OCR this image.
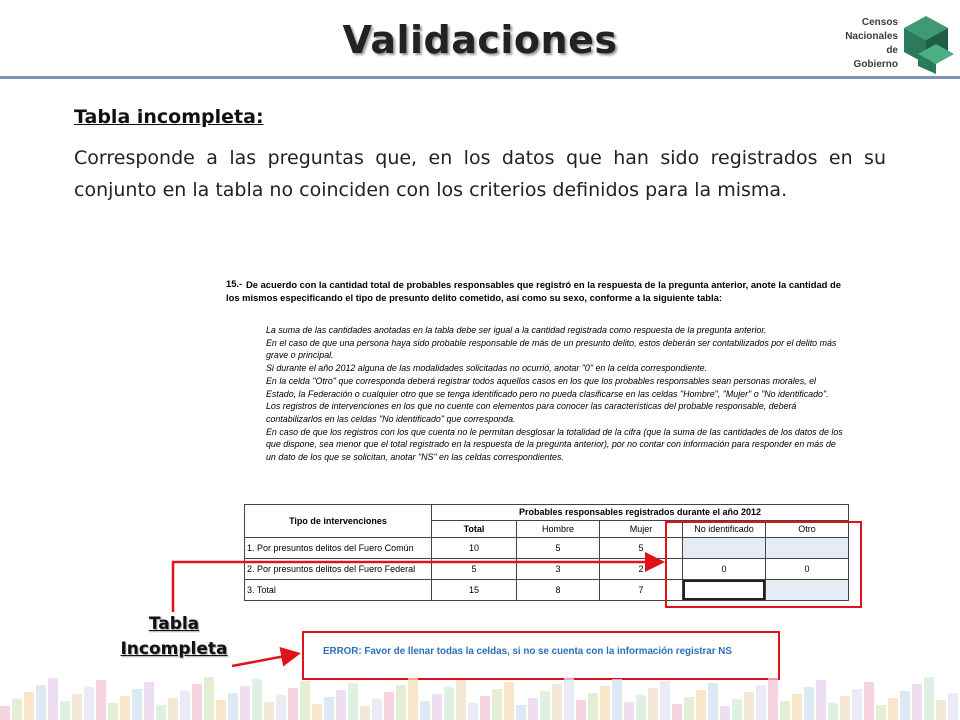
Validaciones	Censos
Nacionales
de Gobierno
Tabla incompleta:
Corresponde a las preguntas que, en los datos que han sido registrados en su conjunto en la tabla no coinciden con los criterios definidos para la misma.
15.- De acuerdo con la cantidad total de probables responsables que registró en la respuesta de la pregunta anterior, anote la cantidad de los mismos especificando el tipo de presunto delito cometido, así como su sexo, conforme a la siguiente tabla:

La suma de las cantidades anotadas en la tabla debe ser igual a la cantidad registrada como respuesta de la pregunta anterior.

En el caso de que una persona haya sido probable responsable de más de un presunto delito, estos deberán ser contabilizados por el delito más grave o principal.

Si durante el año 2012 alguna de las modalidades solicitadas no ocurrió, anotar "0" en la celda correspondiente.

En la celda "Otro" que corresponda deberá registrar todos aquellos casos en los que los probables responsables sean personas morales, el Estado, la Federación o cualquier otro que se tenga identificado pero no pueda clasificarse en las celdas "Hombre", "Mujer" o "No identificado".

Los registros de intervenciones en los que no cuente con elementos para conocer las características del probable responsable, deberá contabilizarlos en las celdas "No identificado" que corresponda.

En caso de que los registros con los que cuenta no le permitan desglosar la totalidad de la cifra (que la suma de las cantidades de los datos de los que dispone, sea menor que el total registrado en la respuesta de la pregunta anterior), por no contar con información para responder en más de un dato de los que se solicitan, anotar "NS" en las celdas correspondientes.

Tipo de intervenciones	Probables responsables registrados durante el año 2012				
	Total	Hombre	Mujer	No identificado	Otro
1. Por presuntos delitos del Fuero Común	10	5	5		
2. Por presuntos delitos del Fuero Federal	5	3	2	0	0
3. Total	15	8	7		
ERROR: Favor de llenar todas la celdas, si no se cuenta con la información registrar NS
Tabla
Incompleta
